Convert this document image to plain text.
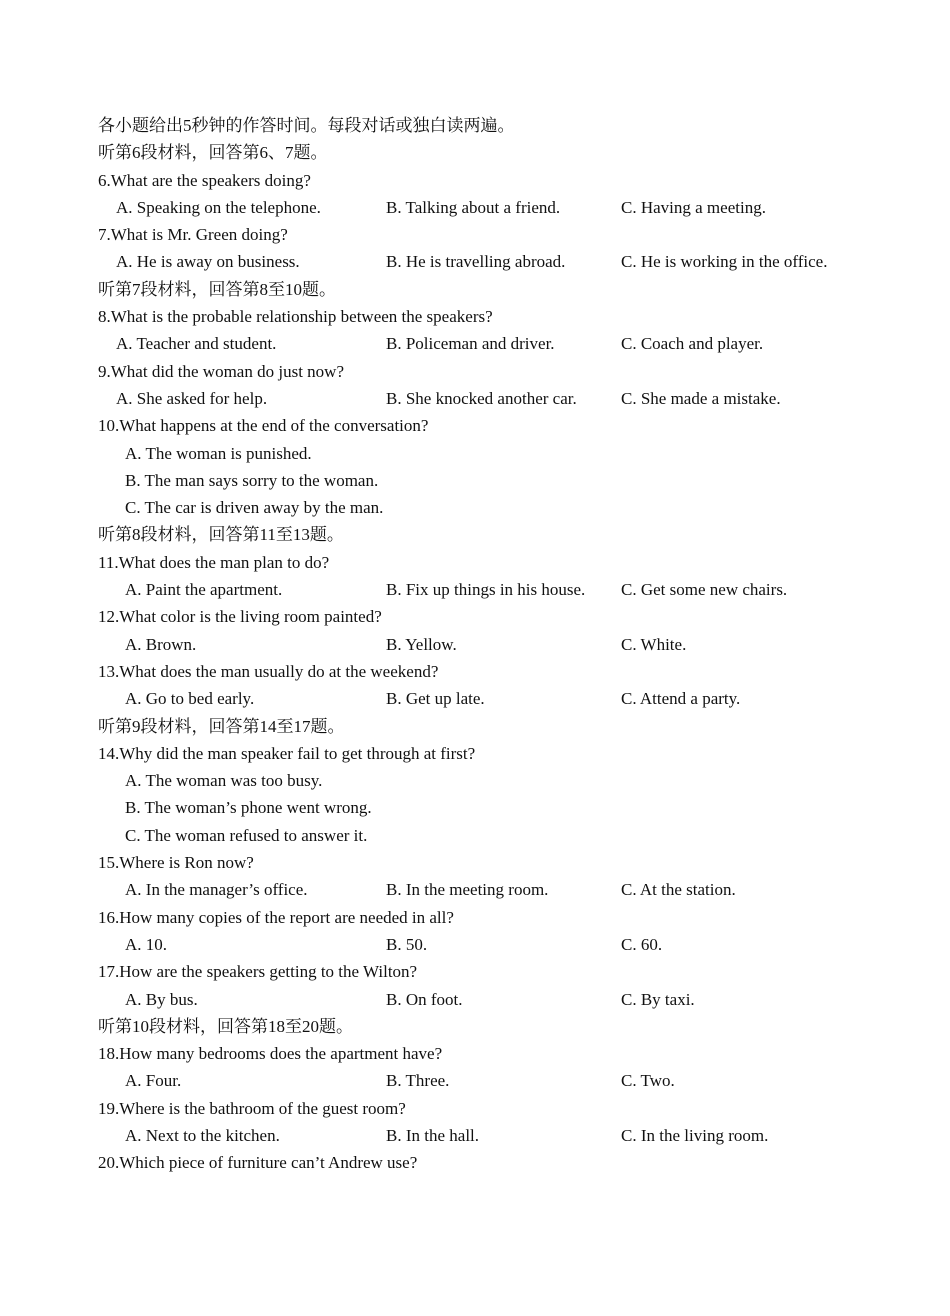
各小题给出5秒钟的作答时间。每段对话或独白读两遍。
听第6段材料，回答第6、7题。
6.What are the speakers doing?
A. Speaking on the telephone.	B. Talking about a friend.	C. Having a meeting.
7.What is Mr. Green doing?
A. He is away on business.	B. He is travelling abroad.	C. He is working in the office.
听第7段材料，回答第8至10题。
8.What is the probable relationship between the speakers?
A. Teacher and student.	B. Policeman and driver.	C. Coach and player.
9.What did the woman do just now?
A. She asked for help.	B. She knocked another car.	C. She made a mistake.
10.What happens at the end of the conversation?
A. The woman is punished.
B. The man says sorry to the woman.
C. The car is driven away by the man.
听第8段材料，回答第11至13题。
11.What does the man plan to do?
A. Paint the apartment.	B. Fix up things in his house. C. Get some new chairs.
12.What color is the living room painted?
A. Brown.	B. Yellow.	C. White.
13.What does the man usually do at the weekend?
A. Go to bed early.	B. Get up late.	C. Attend a party.
听第9段材料，回答第14至17题。
14.Why did the man speaker fail to get through at first?
A. The woman was too busy.
B. The woman’s phone went wrong.
C. The woman refused to answer it.
15.Where is Ron now?
A. In the manager’s office.	B. In the meeting room.	C. At the station.
16.How many copies of the report are needed in all?
A. 10.	B. 50.	C. 60.
17.How are the speakers getting to the Wilton?
A. By bus.	B. On foot.	C. By taxi.
听第10段材料，回答第18至20题。
18.How many bedrooms does the apartment have?
A. Four.	B. Three.	C. Two.
19.Where is the bathroom of the guest room?
A. Next to the kitchen.	B. In the hall.	C. In the living room.
20.Which piece of furniture can’t Andrew use?
